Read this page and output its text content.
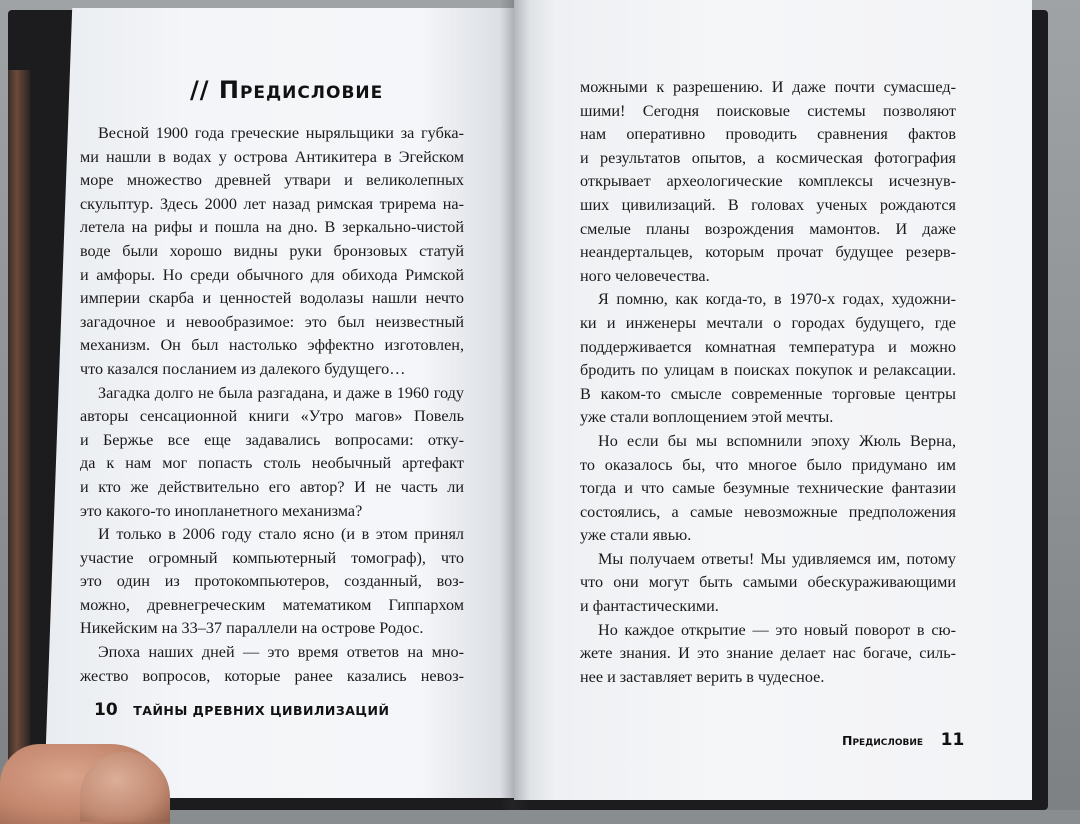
// Предисловие
Весной 1900 года греческие ныряльщики за губка-
ми нашли в водах у острова Антикитера в Эгейском
море множество древней утвари и великолепных
скульптур. Здесь 2000 лет назад римская трирема на-
летела на рифы и пошла на дно. В зеркально-чистой
воде были хорошо видны руки бронзовых статуй
и амфоры. Но среди обычного для обихода Римской
империи скарба и ценностей водолазы нашли нечто
загадочное и невообразимое: это был неизвестный
механизм. Он был настолько эффектно изготовлен,
что казался посланием из далекого будущего…
Загадка долго не была разгадана, и даже в 1960 году
авторы сенсационной книги «Утро магов» Повель
и Бержье все еще задавались вопросами: отку-
да к нам мог попасть столь необычный артефакт
и кто же действительно его автор? И не часть ли
это какого-то инопланетного механизма?
И только в 2006 году стало ясно (и в этом принял
участие огромный компьютерный томограф), что
это один из протокомпьютеров, созданный, воз-
можно, древнегреческим математиком Гиппархом
Никейским на 33–37 параллели на острове Родос.
Эпоха наших дней — это время ответов на мно-
жество вопросов, которые ранее казались невоз-
можными к разрешению. И даже почти сумасшед-
шими! Сегодня поисковые системы позволяют
нам оперативно проводить сравнения фактов
и результатов опытов, а космическая фотография
открывает археологические комплексы исчезнув-
ших цивилизаций. В головах ученых рождаются
смелые планы возрождения мамонтов. И даже
неандертальцев, которым прочат будущее резерв-
ного человечества.
Я помню, как когда-то, в 1970-х годах, художни-
ки и инженеры мечтали о городах будущего, где
поддерживается комнатная температура и можно
бродить по улицам в поисках покупок и релаксации.
В каком-то смысле современные торговые центры
уже стали воплощением этой мечты.
Но если бы мы вспомнили эпоху Жюль Верна,
то оказалось бы, что многое было придумано им
тогда и что самые безумные технические фантазии
состоялись, а самые невозможные предположения
уже стали явью.
Мы получаем ответы! Мы удивляемся им, потому
что они могут быть самыми обескураживающими
и фантастическими.
Но каждое открытие — это новый поворот в сю-
жете знания. И это знание делает нас богаче, силь-
нее и заставляет верить в чудесное.
10 ТАЙНЫ ДРЕВНИХ ЦИВИЛИЗАЦИЙ
Предисловие 11
